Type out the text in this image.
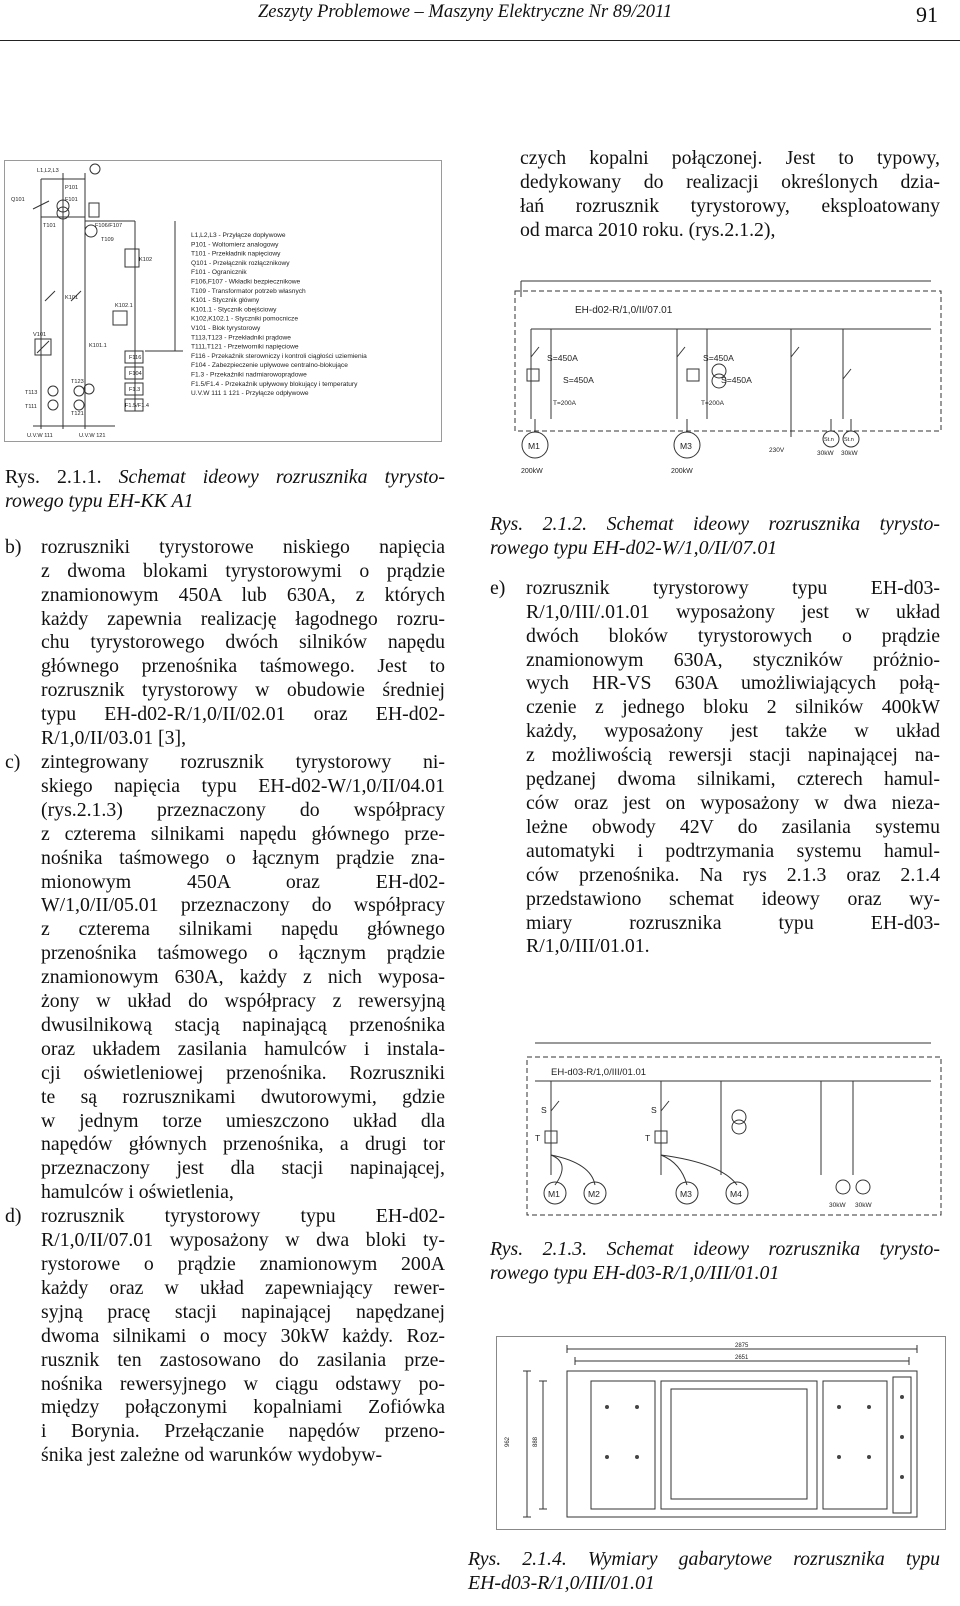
Zeszyty Problemowe – Maszyny Elektryczne Nr 89/2011	91
L1,L2,L3
P101
Q101	F101
T101	F106/F107
T109
K102
K101
K102.1
V101
K101.1
F116
F104
F1.3
F1.5/F1.4
T113
T111
T123
T121
U.V.W 111	U.V.W 121
L1,L2,L3 - Przyłącze dopływowe
P101 - Woltomierz analogowy
T101 - Przekładnik napięciowy
Q101 - Przełącznik rozłącznikowy
F101 - Ogranicznik
F106,F107 - Wkładki bezpiecznikowe
T109 - Transformator potrzeb własnych
K101 - Stycznik główny
K101.1 - Stycznik obejściowy
K102,K102.1 - Styczniki pomocnicze
V101 - Blok tyrystorowy
T113,T123 - Przekładniki prądowe
T111,T121 - Przetworniki napięciowe
F116 - Przekaźnik sterowniczy i kontroli ciągłości uziemienia
F104 - Zabezpieczenie upływowe centralno-blokujące
F1.3 - Przekaźniki nadmiarowoprądowe
F1.5/F1.4 - Przekaźnik upływowy blokujący i temperatury
U.V.W 111 1 121 - Przyłącze odpływowe
EH-d02-R/1,0/II/07.01
S=450A
S=450A
S=450A
S=450A
T=200A	T=200A
M1	M3	230V
St.n St.n
30kW 30kW
200kW	200kW
EH-d03-R/1,0/III/01.01
S	S
T	T
M1	M2	M3	M4
30kW 30kW
2875
2651
962	888

Rys. 2.1.1. Schemat ideowy rozrusznika tyrysto-

rowego typu EH-KK A1

b) rozruszniki tyrystorowe niskiego napięcia
z dwoma blokami tyrystorowymi o prądzie
znamionowym 450A lub 630A, z których
każdy zapewnia realizację łagodnego rozru-
chu tyrystorowego dwóch silników napędu
głównego przenośnika taśmowego. Jest to
rozrusznik tyrystorowy w obudowie średniej
typu EH-d02-R/1,0/II/02.01 oraz EH-d02-
R/1,0/II/03.01 [3],
c) zintegrowany rozrusznik tyrystorowy ni-
skiego napięcia typu EH-d02-W/1,0/II/04.01
(rys.2.1.3) przeznaczony do współpracy
z czterema silnikami napędu głównego prze-
nośnika taśmowego o łącznym prądzie zna-
mionowym 450A oraz EH-d02-
W/1,0/II/05.01 przeznaczony do współpracy
z czterema silnikami napędu głównego
przenośnika taśmowego o łącznym prądzie
znamionowym 630A, każdy z nich wyposa-
żony w układ do współpracy z rewersyjną
dwusilnikową stacją napinającą przenośnika
oraz układem zasilania hamulców i instala-
cji oświetleniowej przenośnika. Rozruszniki
te są rozrusznikami dwutorowymi, gdzie
w jednym torze umieszczono układ dla
napędów głównych przenośnika, a drugi tor
przeznaczony jest dla stacji napinającej,
hamulców i oświetlenia,
d) rozrusznik tyrystorowy typu EH-d02-
R/1,0/II/07.01 wyposażony w dwa bloki ty-
rystorowe o prądzie znamionowym 200A
każdy oraz w układ zapewniający rewer-
syjną pracę stacji napinającej napędzanej
dwoma silnikami o mocy 30kW każdy. Roz-
rusznik ten zastosowano do zasilania prze-
nośnika rewersyjnego w ciągu odstawy po-
między połączonymi kopalniami Zofiówka
i Borynia. Przełączanie napędów przeno-
śnika jest zależne od warunków wydobyw-

czych kopalni połączonej. Jest to typowy,

dedykowany do realizacji określonych dzia-

łań rozrusznik tyrystorowy, eksploatowany

od marca 2010 roku. (rys.2.1.2),

Rys. 2.1.2. Schemat ideowy rozrusznika tyrysto-

rowego typu EH-d02-W/1,0/II/07.01

e) rozrusznik tyrystorowy typu EH-d03-
R/1,0/III/.01.01 wyposażony jest w układ
dwóch bloków tyrystorowych o prądzie
znamionowym 630A, styczników próżnio-
wych HR-VS 630A umożliwiających połą-
czenie z jednego bloku 2 silników 400kW
każdy, wyposażony jest także w układ
z możliwością rewersji stacji napinającej na-
pędzanej dwoma silnikami, czterech hamul-
ców oraz jest on wyposażony w dwa nieza-
leżne obwody 42V do zasilania systemu
automatyki i podtrzymania systemu hamul-
ców przenośnika. Na rys 2.1.3 oraz 2.1.4
przedstawiono schemat ideowy oraz wy-
miary rozrusznika typu EH-d03-
R/1,0/III/01.01.

Rys. 2.1.3. Schemat ideowy rozrusznika tyrysto-

rowego typu EH-d03-R/1,0/III/01.01

Rys. 2.1.4. Wymiary gabarytowe rozrusznika typu

EH-d03-R/1,0/III/01.01
